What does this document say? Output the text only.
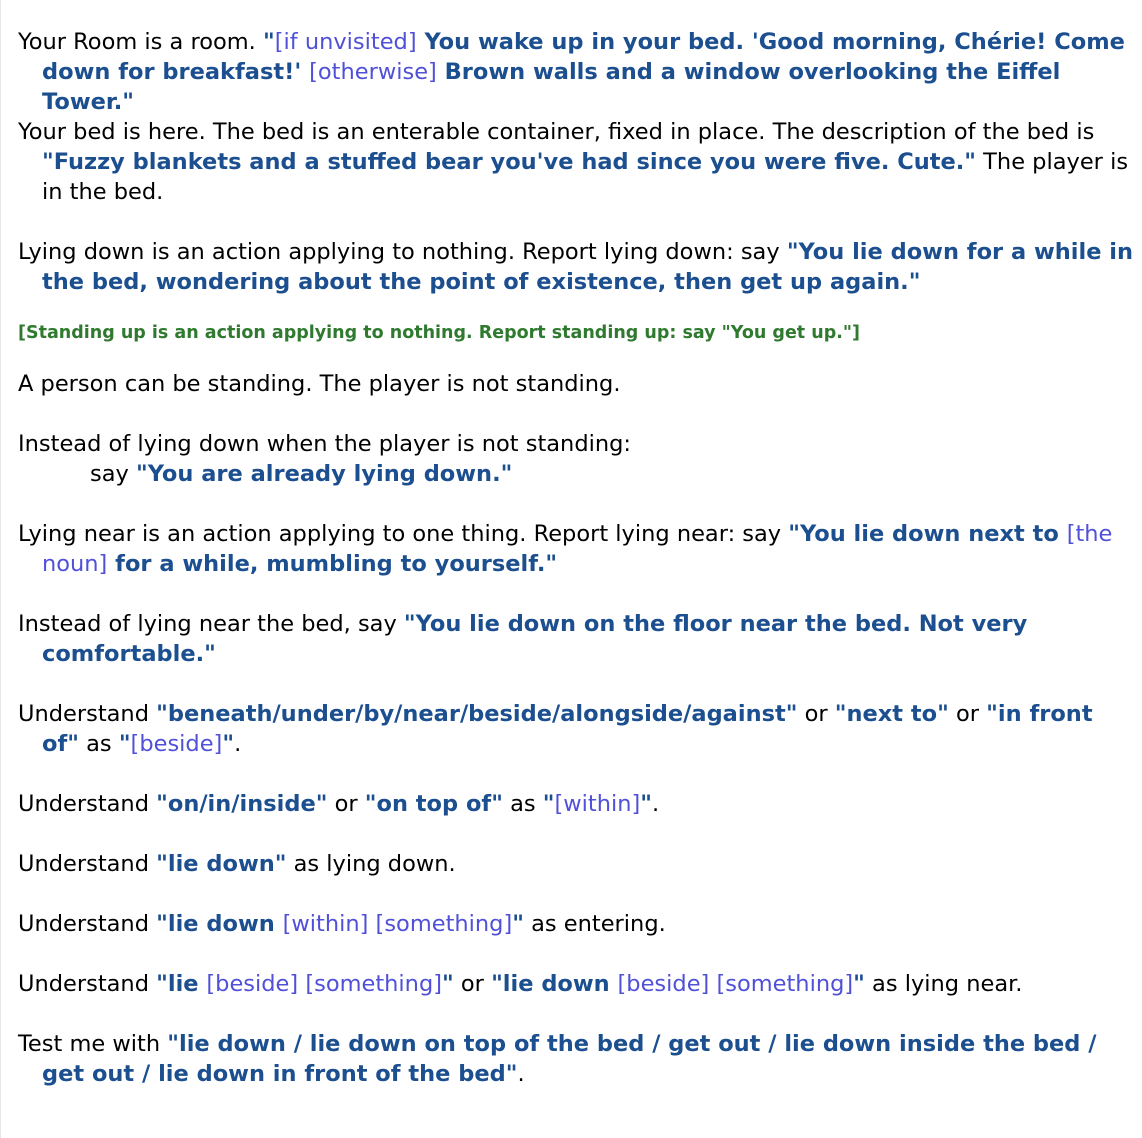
Your Room is a room. "[if unvisited] You wake up in your bed. 'Good morning, Chérie! Come down for breakfast!' [otherwise] Brown walls and a window overlooking the Eiffel Tower."

Your bed is here. The bed is an enterable container, fixed in place. The description of the bed is "Fuzzy blankets and a stuffed bear you've had since you were five. Cute." The player is in the bed.

Lying down is an action applying to nothing. Report lying down: say "You lie down for a while in the bed, wondering about the point of existence, then get up again."

[Standing up is an action applying to nothing. Report standing up: say "You get up."]

A person can be standing. The player is not standing.

Instead of lying down when the player is not standing:
say "You are already lying down."

Lying near is an action applying to one thing. Report lying near: say "You lie down next to [the noun] for a while, mumbling to yourself."

Instead of lying near the bed, say "You lie down on the floor near the bed. Not very comfortable."

Understand "beneath/under/by/near/beside/alongside/against" or "next to" or "in front of" as "[beside]".

Understand "on/in/inside" or "on top of" as "[within]".

Understand "lie down" as lying down.

Understand "lie down [within] [something]" as entering.

Understand "lie [beside] [something]" or "lie down [beside] [something]" as lying near.

Test me with "lie down / lie down on top of the bed / get out / lie down inside the bed / get out / lie down in front of the bed".
